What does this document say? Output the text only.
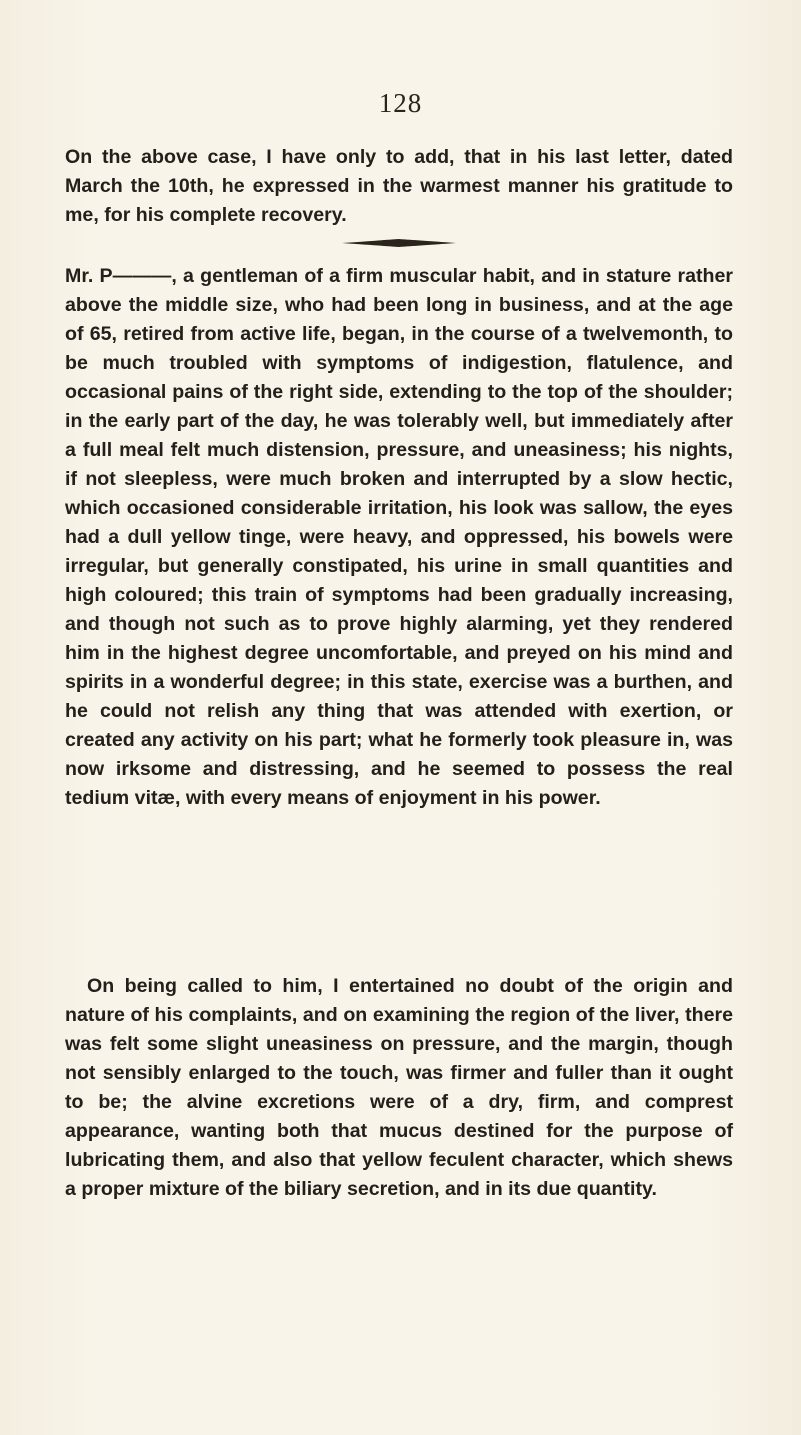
128

On the above case, I have only to add, that in his last letter, dated March the 10th, he expressed in the warmest manner his gratitude to me, for his complete recovery.

Mr. P———, a gentleman of a firm muscular habit, and in stature rather above the middle size, who had been long in business, and at the age of 65, retired from active life, began, in the course of a twelvemonth, to be much troubled with symptoms of indigestion, flatulence, and occasional pains of the right side, extending to the top of the shoulder; in the early part of the day, he was tolerably well, but immediately after a full meal felt much distension, pressure, and uneasiness; his nights, if not sleepless, were much broken and interrupted by a slow hectic, which occasioned considerable irritation, his look was sallow, the eyes had a dull yellow tinge, were heavy, and oppressed, his bowels were irregular, but generally constipated, his urine in small quantities and high coloured; this train of symptoms had been gradually increasing, and though not such as to prove highly alarming, yet they rendered him in the highest degree uncomfortable, and preyed on his mind and spirits in a wonderful degree; in this state, exercise was a burthen, and he could not relish any thing that was attended with exertion, or created any activity on his part; what he formerly took pleasure in, was now irksome and distressing, and he seemed to possess the real tedium vitæ, with every means of enjoyment in his power.

On being called to him, I entertained no doubt of the origin and nature of his complaints, and on examining the region of the liver, there was felt some slight uneasiness on pressure, and the margin, though not sensibly enlarged to the touch, was firmer and fuller than it ought to be; the alvine excretions were of a dry, firm, and comprest appearance, wanting both that mucus destined for the purpose of lubricating them, and also that yellow feculent character, which shews a proper mixture of the biliary secretion, and in its due quantity.
